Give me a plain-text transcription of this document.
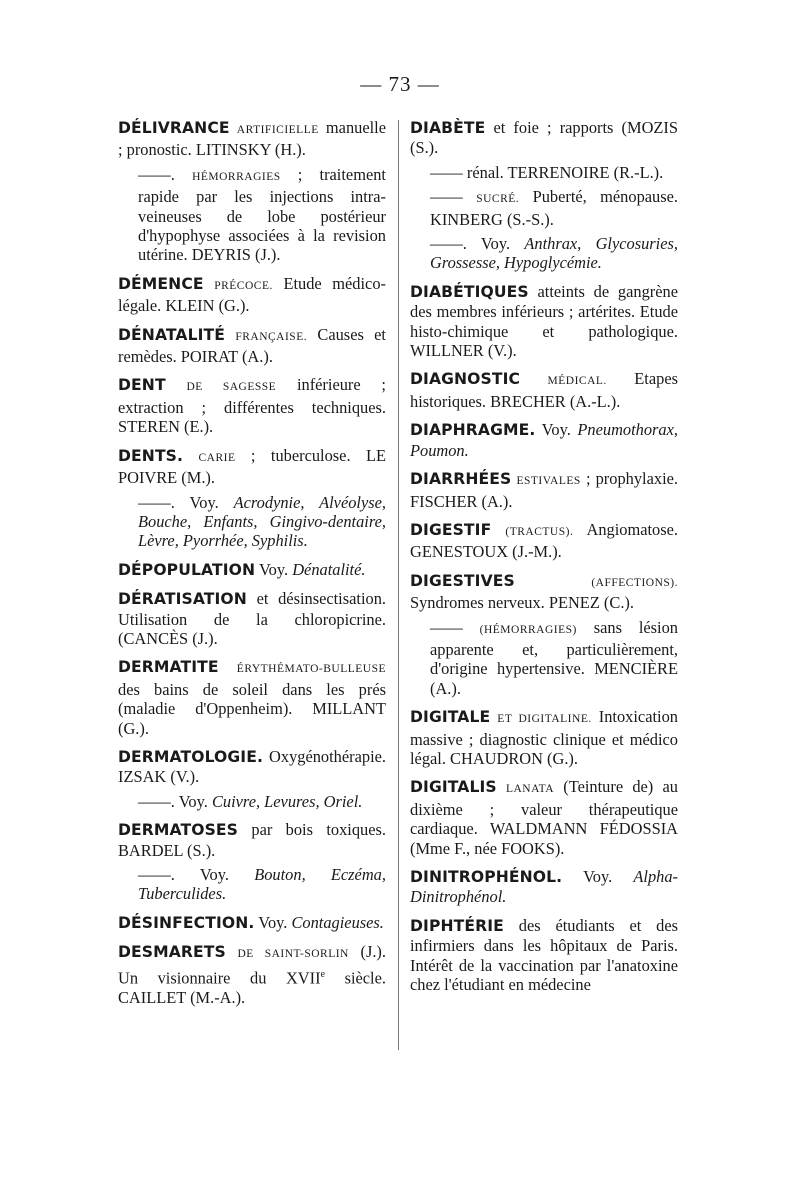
— 73 —

DÉLIVRANCE ARTIFICIELLE manuelle ; pronostic. LITINSKY (H.).

——. HÉMORRAGIES ; traitement rapide par les injections intra-veineuses de lobe postérieur d'hypophyse associées à la revision utérine. DEYRIS (J.).

DÉMENCE PRÉCOCE. Etude médico-légale. KLEIN (G.).

DÉNATALITÉ FRANÇAISE. Causes et remèdes. POIRAT (A.).

DENT DE SAGESSE inférieure ; extraction ; différentes techniques. STEREN (E.).

DENTS. CARIE ; tuberculose. LE POIVRE (M.).

——. Voy. Acrodynie, Alvéolyse, Bouche, Enfants, Gingivo-dentaire, Lèvre, Pyorrhée, Syphilis.

DÉPOPULATION Voy. Dénatalité.

DÉRATISATION et désinsectisation. Utilisation de la chloropicrine. (CANCÈS (J.).

DERMATITE ÉRYTHÉMATO-BULLEUSE des bains de soleil dans les prés (maladie d'Oppenheim). MILLANT (G.).

DERMATOLOGIE. Oxygénothérapie. IZSAK (V.).

——. Voy. Cuivre, Levures, Oriel.

DERMATOSES par bois toxiques. BARDEL (S.).

——. Voy. Bouton, Eczéma, Tuberculides.

DÉSINFECTION. Voy. Contagieuses.

DESMARETS DE SAINT-SORLIN (J.). Un visionnaire du XVIIe siècle. CAILLET (M.-A.).

DIABÈTE et foie ; rapports (MOZIS (S.).

—— rénal. TERRENOIRE (R.-L.).

—— SUCRÉ. Puberté, ménopause. KINBERG (S.-S.).

——. Voy. Anthrax, Glycosuries, Grossesse, Hypoglycémie.

DIABÉTIQUES atteints de gangrène des membres inférieurs ; artérites. Etude histo-chimique et pathologique. WILLNER (V.).

DIAGNOSTIC MÉDICAL. Etapes historiques. BRECHER (A.-L.).

DIAPHRAGME. Voy. Pneumothorax, Poumon.

DIARRHÉES ESTIVALES ; prophylaxie. FISCHER (A.).

DIGESTIF (TRACTUS). Angiomatose. GENESTOUX (J.-M.).

DIGESTIVES	(AFFECTIONS). Syndromes nerveux. PENEZ (C.).

—— (HÉMORRAGIES) sans lésion apparente et, particulièrement, d'origine hypertensive. MENCIÈRE (A.).

DIGITALE ET DIGITALINE. Intoxication massive ; diagnostic clinique et médico légal. CHAUDRON (G.).

DIGITALIS LANATA (Teinture de) au dixième ; valeur thérapeutique cardiaque. WALDMANN FÉDOSSIA (Mme F., née FOOKS).

DINITROPHÉNOL. Voy. Alpha-Dinitrophénol.

DIPHTÉRIE des étudiants et des infirmiers dans les hôpitaux de Paris. Intérêt de la vaccination par l'anatoxine chez l'étudiant en médecine
